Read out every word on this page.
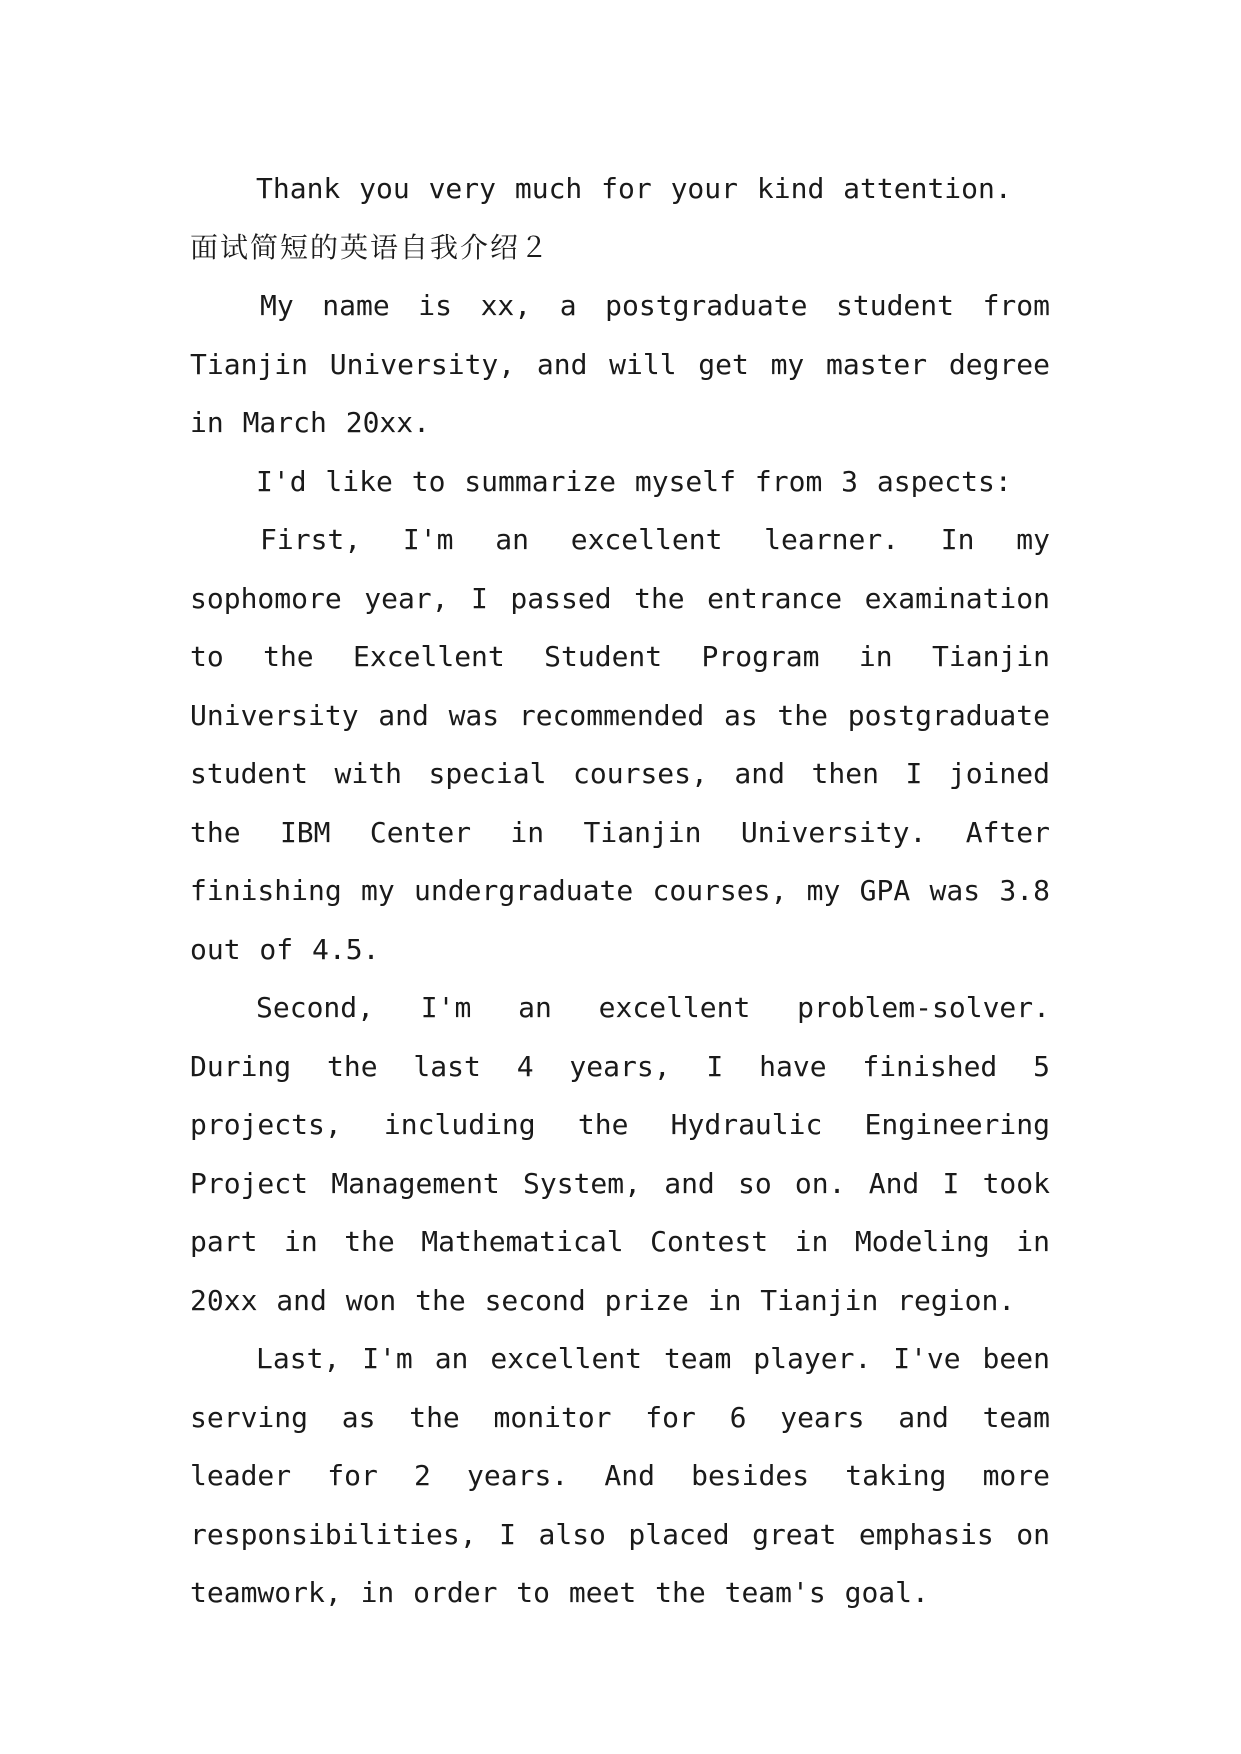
Thank you very much for your kind attention.

面试简短的英语自我介绍２

My name is xx, a postgraduate student from Tianjin University, and will get my master degree in March 20xx.

I'd like to summarize myself from 3 aspects:

First, I'm an excellent learner. In my sophomore year, I passed the entrance examination to the Excellent Student Program in Tianjin University and was recommended as the postgraduate student with special courses, and then I joined the IBM Center in Tianjin University. After finishing my undergraduate courses, my GPA was 3.8 out of 4.5.

Second, I'm an excellent problem-solver. During the last 4 years, I have finished 5 projects, including the Hydraulic Engineering Project Management System, and so on. And I took part in the Mathematical Contest in Modeling in 20xx and won the second prize in Tianjin region.

Last, I'm an excellent team player. I've been serving as the monitor for 6 years and team leader for 2 years. And besides taking more responsibilities, I also placed great emphasis on teamwork, in order to meet the team's goal.
